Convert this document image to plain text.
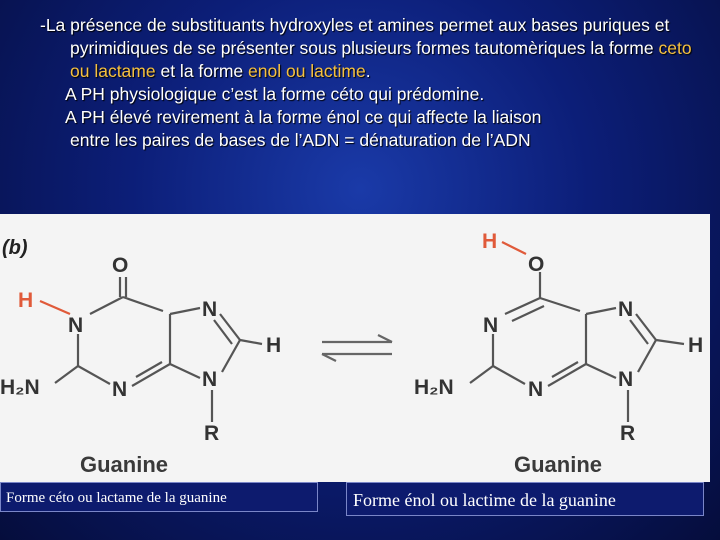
-La présence de substituants hydroxyles et amines permet aux bases puriques et pyrimidiques de se présenter sous plusieurs formes tautomèriques la forme ceto ou lactame et la forme enol ou lactime.
A PH physiologique c’est la forme céto qui prédomine.
A PH élevé revirement à la forme énol ce qui affecte la liaison
entre les paires de bases de l’ADN = dénaturation de l’ADN
(b)
O
H
N
N
N
N
H
H₂N
R
Guanine
H
O
N
N
N
N
H
H₂N
R
Guanine
Forme céto ou lactame de la guanine	Forme énol ou lactime de la guanine
